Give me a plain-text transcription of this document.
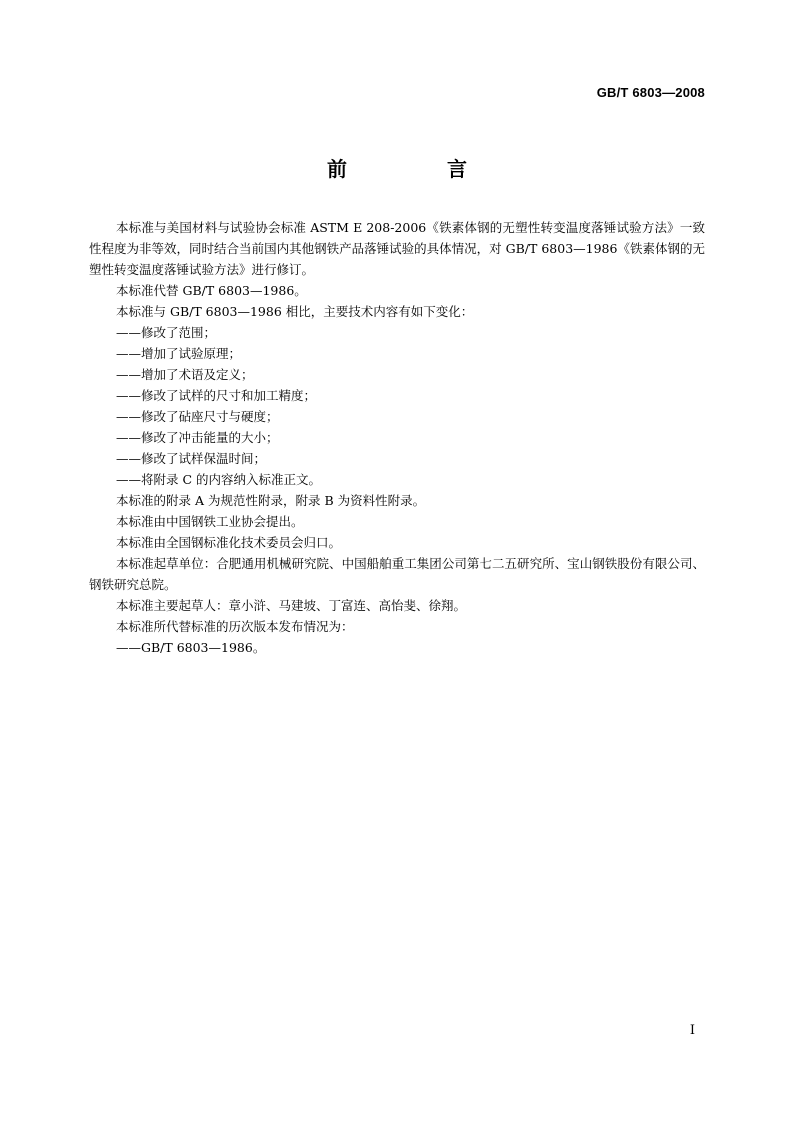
GB/T 6803—2008
前　言

本标准与美国材料与试验协会标准 ASTM E 208-2006《铁素体钢的无塑性转变温度落锤试验方法》一致性程度为非等效，同时结合当前国内其他钢铁产品落锤试验的具体情况，对 GB/T 6803—1986《铁素体钢的无塑性转变温度落锤试验方法》进行修订。

本标准代替 GB/T 6803—1986。

本标准与 GB/T 6803—1986 相比，主要技术内容有如下变化：

——修改了范围；

——增加了试验原理；

——增加了术语及定义；

——修改了试样的尺寸和加工精度；

——修改了砧座尺寸与硬度；

——修改了冲击能量的大小；

——修改了试样保温时间；

——将附录 C 的内容纳入标准正文。

本标准的附录 A 为规范性附录，附录 B 为资料性附录。

本标准由中国钢铁工业协会提出。

本标准由全国钢标准化技术委员会归口。

本标准起草单位：合肥通用机械研究院、中国船舶重工集团公司第七二五研究所、宝山钢铁股份有限公司、钢铁研究总院。

本标准主要起草人：章小浒、马建坡、丁富连、高怡斐、徐翔。

本标准所代替标准的历次版本发布情况为：

——GB/T 6803—1986。

I
